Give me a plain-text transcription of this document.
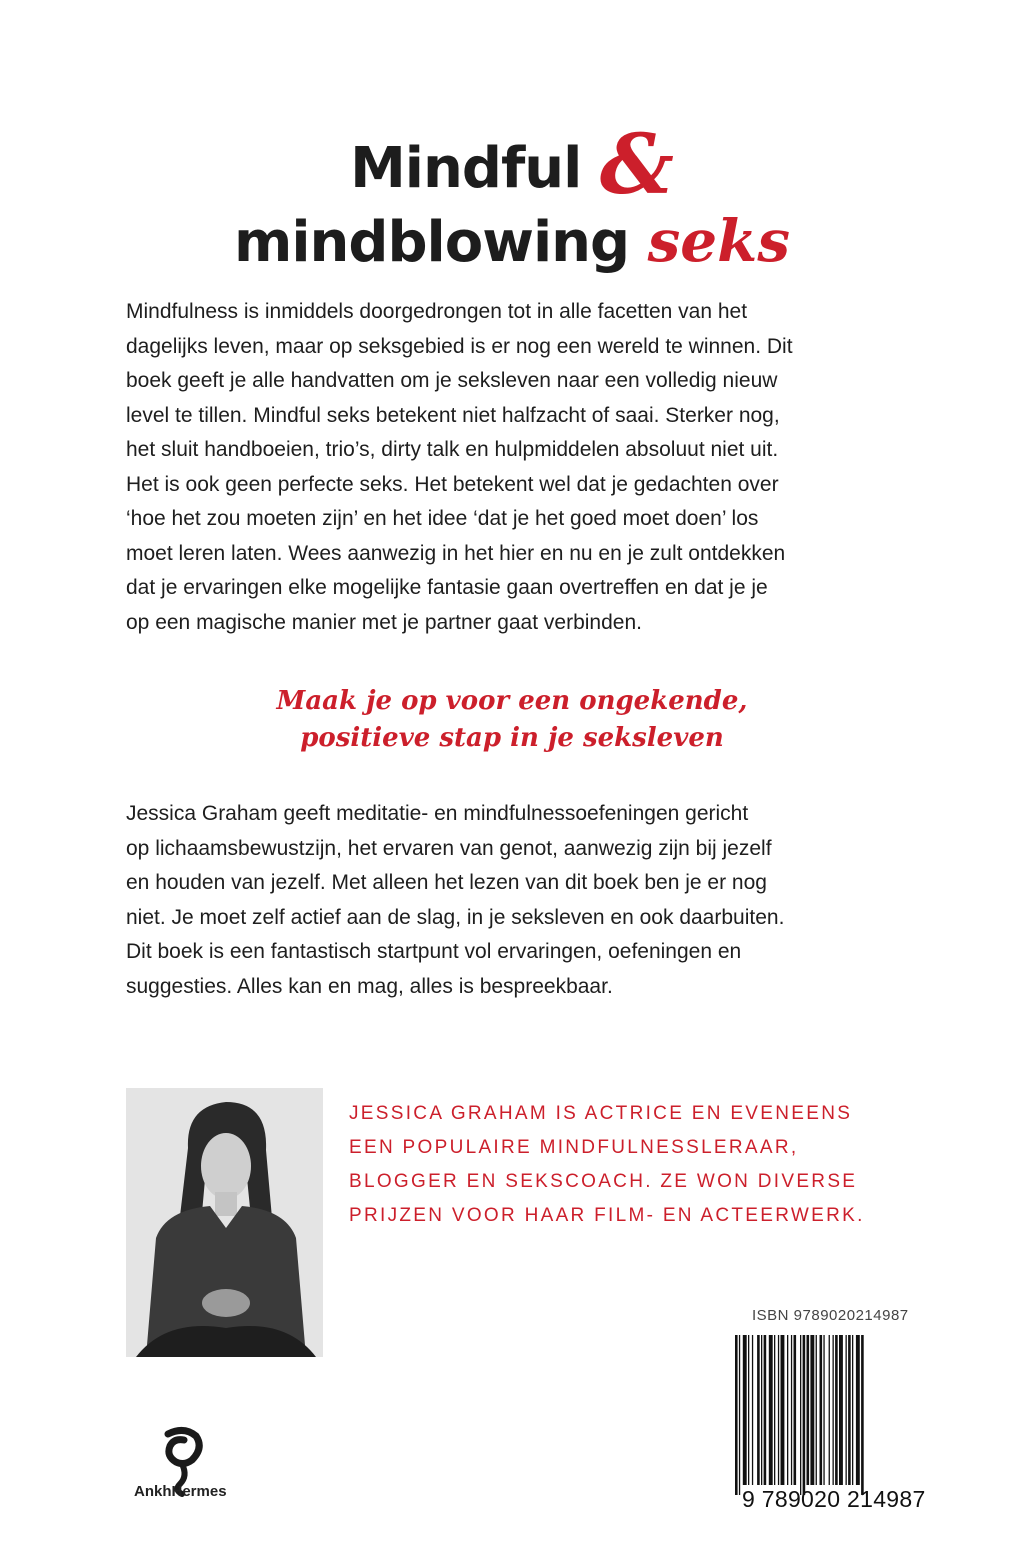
Mindful &
mindblowing seks
Mindfulness is inmiddels doorgedrongen tot in alle facetten van het
dagelijks leven, maar op seksgebied is er nog een wereld te winnen. Dit
boek geeft je alle handvatten om je seksleven naar een volledig nieuw
level te tillen. Mindful seks betekent niet halfzacht of saai. Sterker nog,
het sluit handboeien, trio’s, dirty talk en hulpmiddelen absoluut niet uit.
Het is ook geen perfecte seks. Het betekent wel dat je gedachten over
‘hoe het zou moeten zijn’ en het idee ‘dat je het goed moet doen’ los
moet leren laten. Wees aanwezig in het hier en nu en je zult ontdekken
dat je ervaringen elke mogelijke fantasie gaan overtreffen en dat je je
op een magische manier met je partner gaat verbinden.
Maak je op voor een ongekende,
positieve stap in je seksleven
Jessica Graham geeft meditatie- en mindfulnessoefeningen gericht
op lichaamsbewustzijn, het ervaren van genot, aanwezig zijn bij jezelf
en houden van jezelf. Met alleen het lezen van dit boek ben je er nog
niet. Je moet zelf actief aan de slag, in je seksleven en ook daarbuiten.
Dit boek is een fantastisch startpunt vol ervaringen, oefeningen en
suggesties. Alles kan en mag, alles is bespreekbaar.
JESSICA GRAHAM IS ACTRICE EN EVENEENS
EEN POPULAIRE MINDFULNESSLERAAR,
BLOGGER EN SEKSCOACH. ZE WON DIVERSE
PRIJZEN VOOR HAAR FILM- EN ACTEERWERK.
ISBN 9789020214987
9 789020 214987
AnkhHermes
